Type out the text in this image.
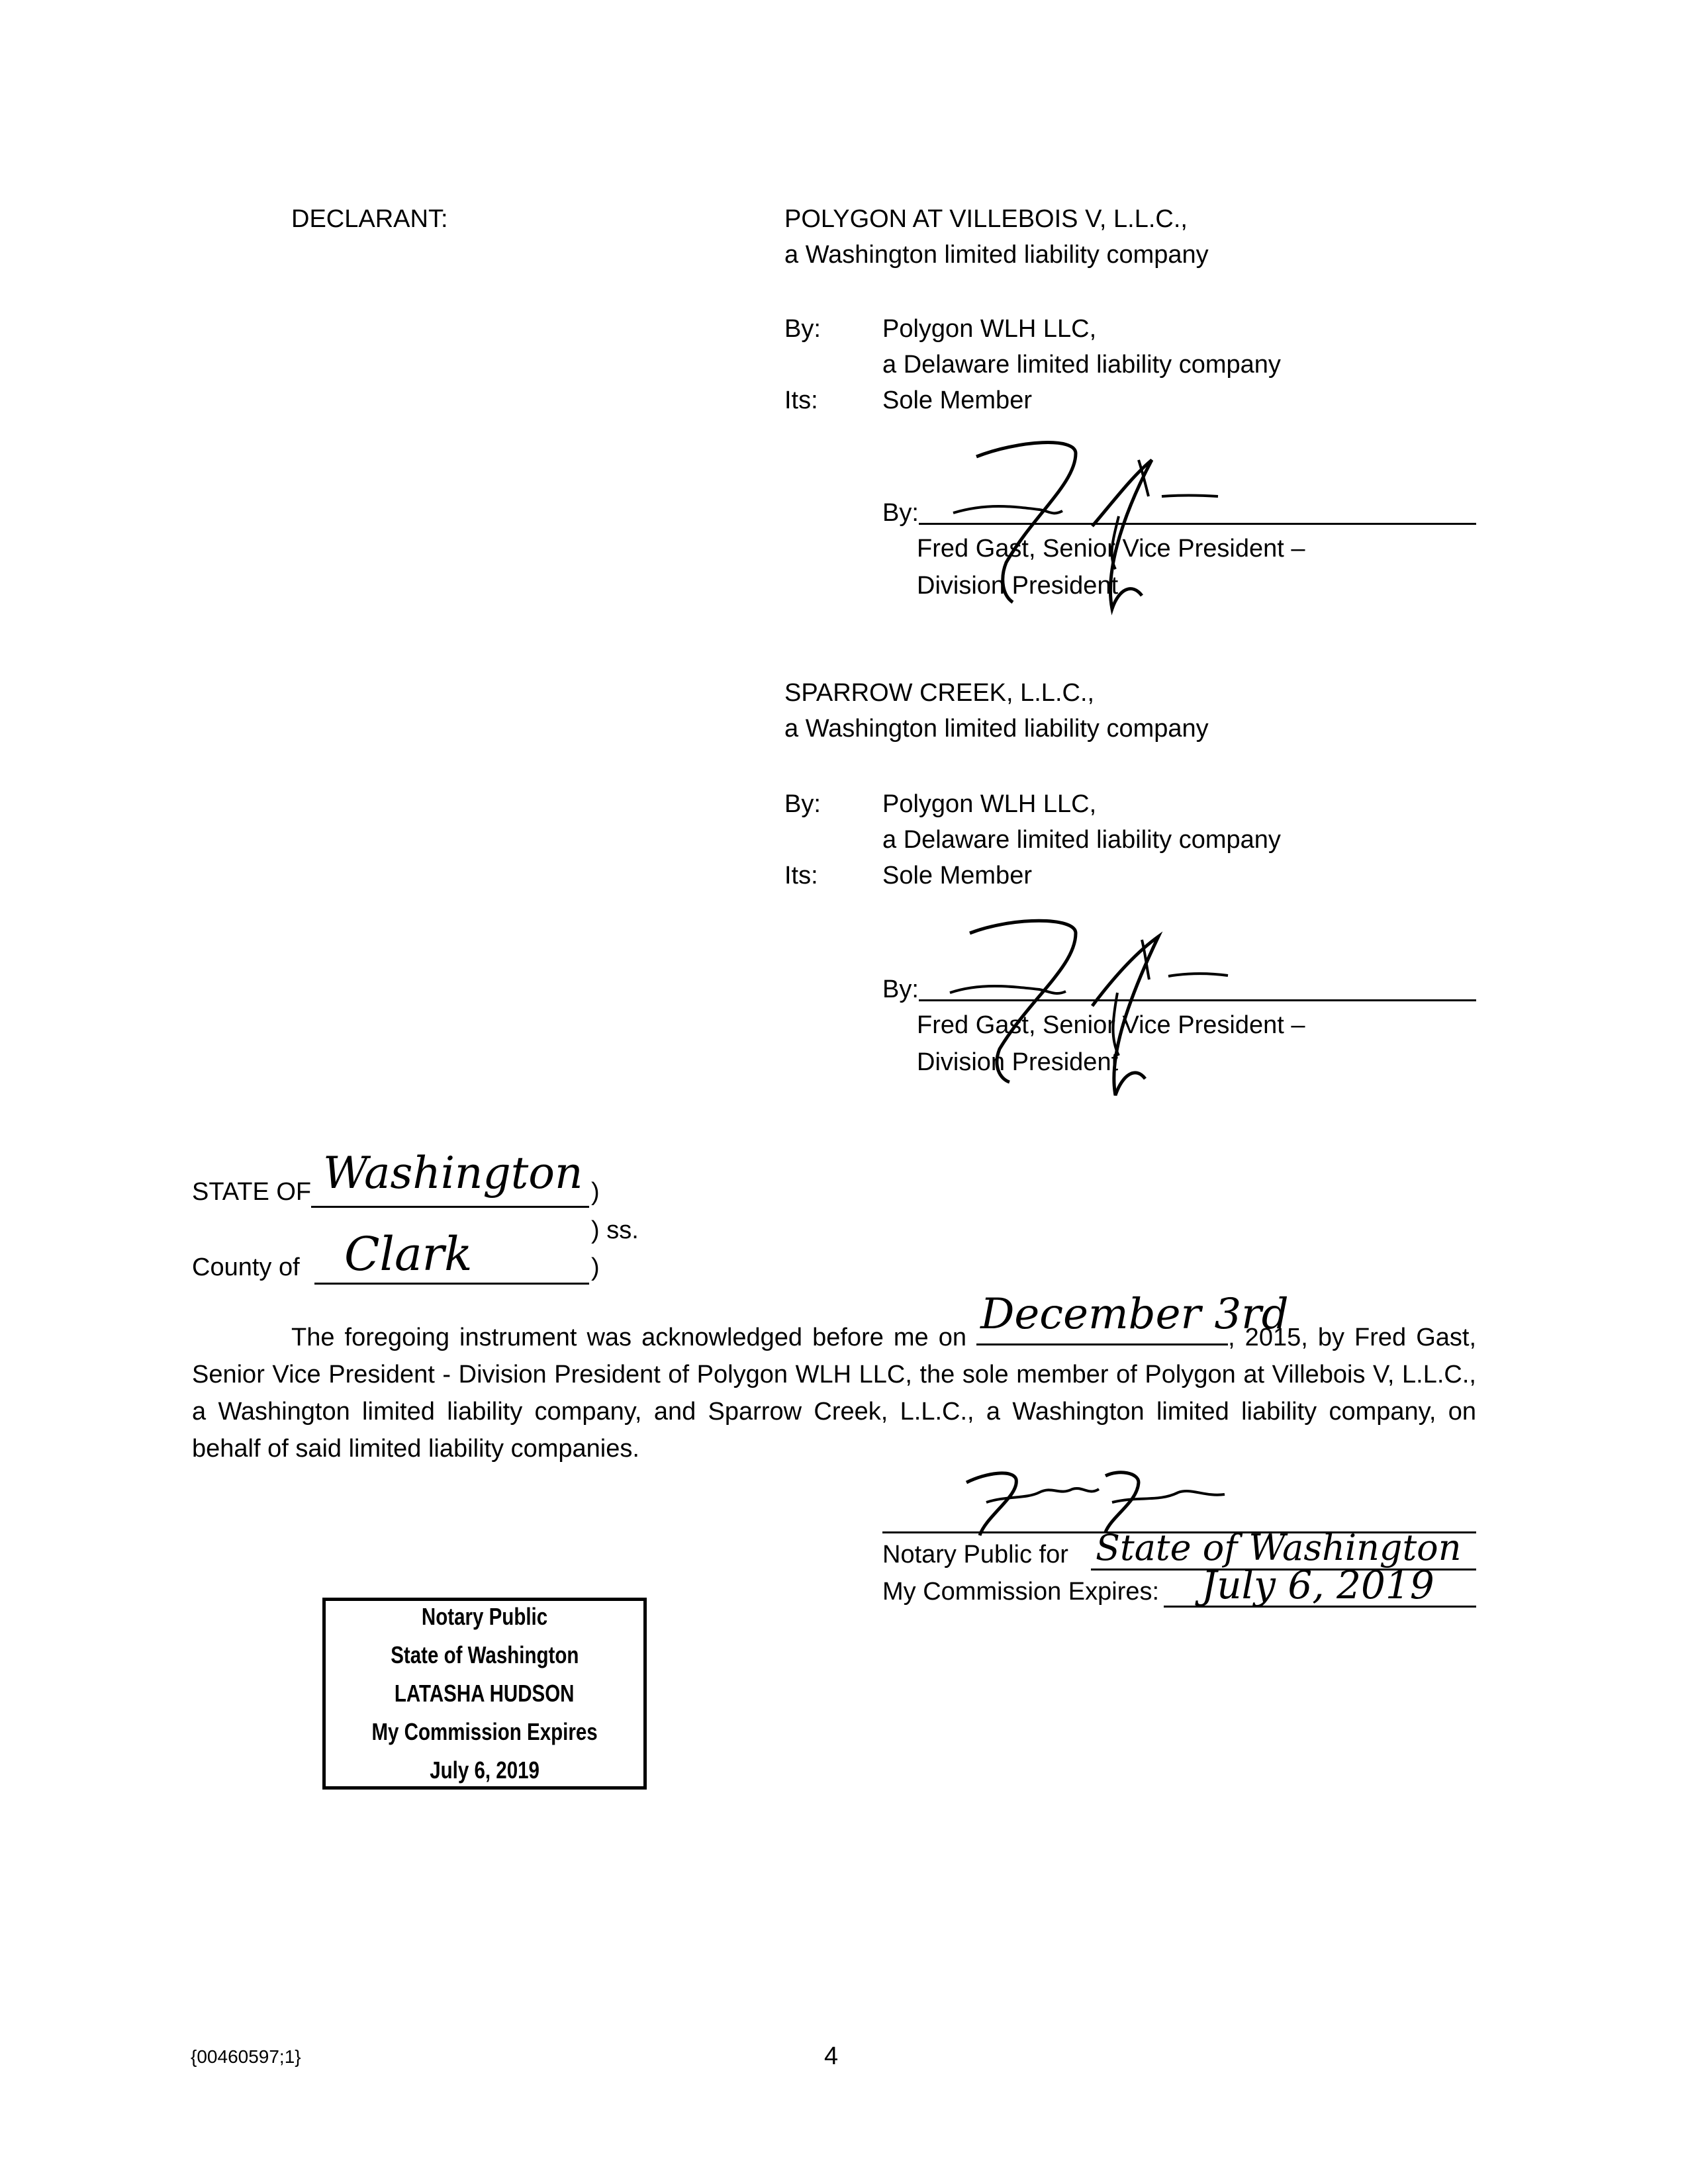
DECLARANT:	POLYGON AT VILLEBOIS V, L.L.C.,
a Washington limited liability company
By: Polygon WLH LLC,
a Delaware limited liability company
Its:	Sole Member
By:
Fred Gast, Senior Vice President –
Division President
SPARROW CREEK, L.L.C.,
a Washington limited liability company
By: Polygon WLH LLC,
a Delaware limited liability company
Its:	Sole Member
By:
Fred Gast, Senior Vice President –
Division President
STATE OF Washington )
) ss.
County of Clark	)
The foregoing instrument was acknowledged before me on December 3rd
, 2015, by Fred Gast, Senior Vice President - Division President of Polygon WLH LLC, the sole member of Polygon at Villebois V, L.L.C., a Washington limited liability company, and Sparrow Creek, L.L.C., a Washington limited liability company, on behalf of said limited liability companies.
Notary Public for State of Washington
My Commission Expires: July 6, 2019
Notary Public
State of Washington
LATASHA HUDSON
My Commission Expires
July 6, 2019
{00460597;1}	4
